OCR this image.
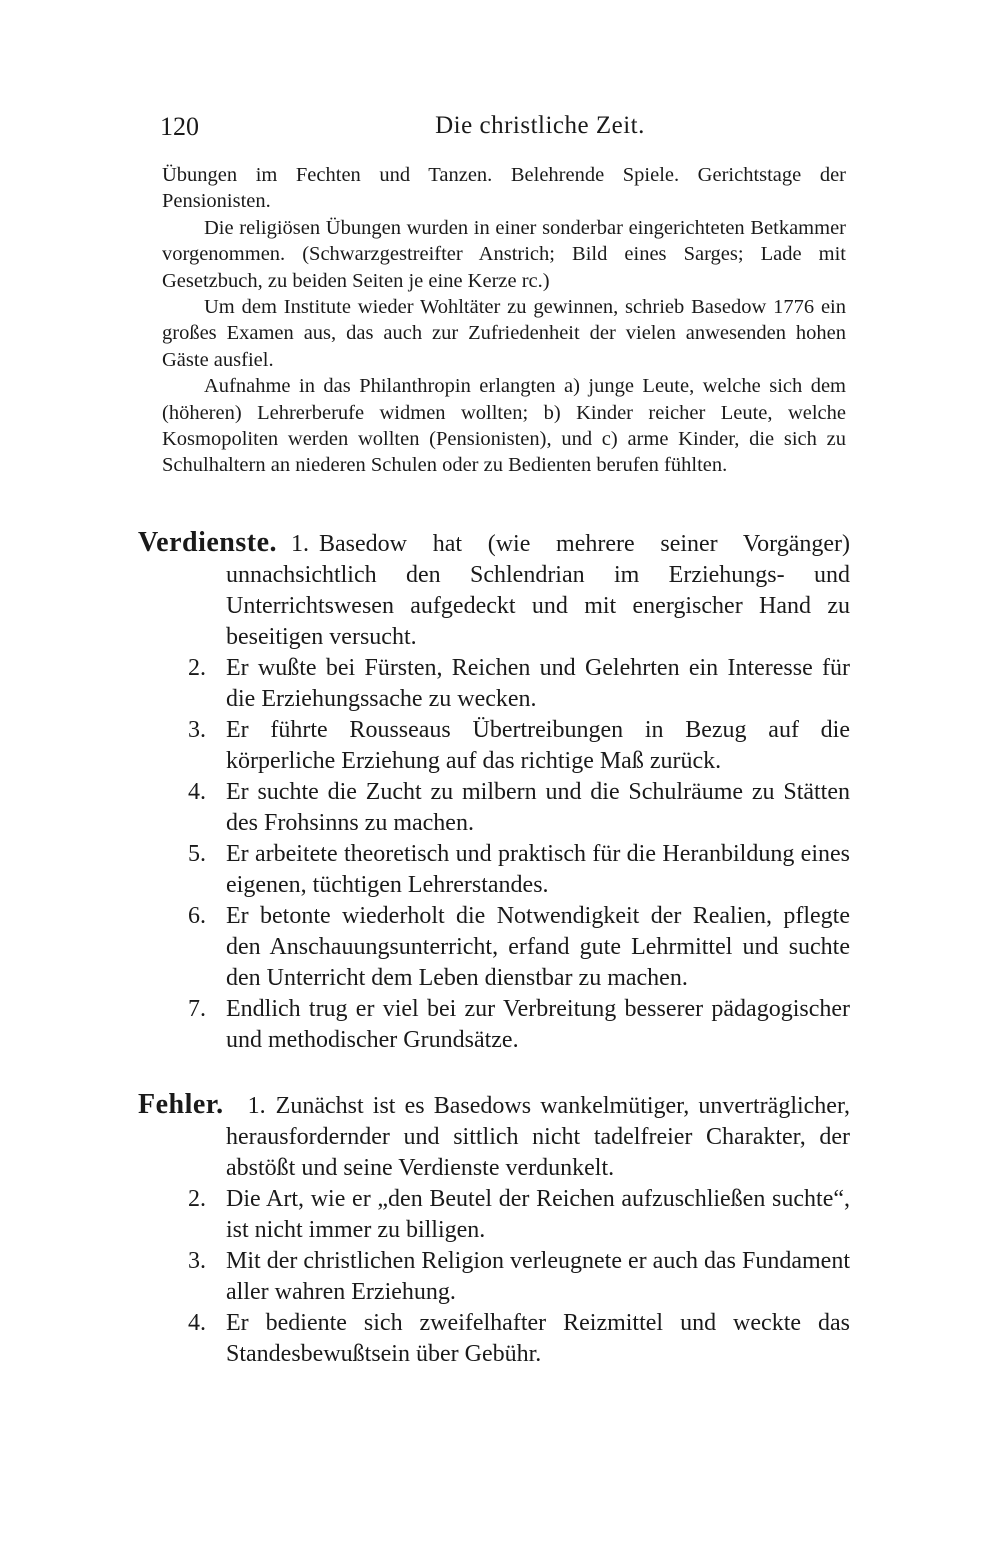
120	Die christliche Zeit.

Übungen im Fechten und Tanzen. Belehrende Spiele. Gerichtstage der Pensionisten.

Die religiösen Übungen wurden in einer sonderbar eingerichteten Betkammer vorgenommen. (Schwarzgestreifter Anstrich; Bild eines Sarges; Lade mit Gesetzbuch, zu beiden Seiten je eine Kerze rc.)

Um dem Institute wieder Wohltäter zu gewinnen, schrieb Basedow 1776 ein großes Examen aus, das auch zur Zufriedenheit der vielen anwesenden hohen Gäste ausfiel.

Aufnahme in das Philanthropin erlangten a) junge Leute, welche sich dem (höheren) Lehrerberufe widmen wollten; b) Kinder reicher Leute, welche Kosmopoliten werden wollten (Pensionisten), und c) arme Kinder, die sich zu Schulhaltern an niederen Schulen oder zu Bedienten berufen fühlten.

Verdienste. 1. Basedow hat (wie mehrere seiner Vorgänger) unnachsichtlich den Schlendrian im Erziehungs- und Unterrichtswesen aufgedeckt und mit energischer Hand zu beseitigen versucht.
2. Er wußte bei Fürsten, Reichen und Gelehrten ein Interesse für die Erziehungssache zu wecken.
3. Er führte Rousseaus Übertreibungen in Bezug auf die körperliche Erziehung auf das richtige Maß zurück.
4. Er suchte die Zucht zu milbern und die Schulräume zu Stätten des Frohsinns zu machen.
5. Er arbeitete theoretisch und praktisch für die Heranbildung eines eigenen, tüchtigen Lehrerstandes.
6. Er betonte wiederholt die Notwendigkeit der Realien, pflegte den Anschauungsunterricht, erfand gute Lehrmittel und suchte den Unterricht dem Leben dienstbar zu machen.
7. Endlich trug er viel bei zur Verbreitung besserer pädagogischer und methodischer Grundsätze.
Fehler. 1. Zunächst ist es Basedows wankelmütiger, unverträglicher, herausfordernder und sittlich nicht tadelfreier Charakter, der abstößt und seine Verdienste verdunkelt.
2. Die Art, wie er „den Beutel der Reichen aufzuschließen suchte“, ist nicht immer zu billigen.
3. Mit der christlichen Religion verleugnete er auch das Fundament aller wahren Erziehung.
4. Er bediente sich zweifelhafter Reizmittel und weckte das Standesbewußtsein über Gebühr.
